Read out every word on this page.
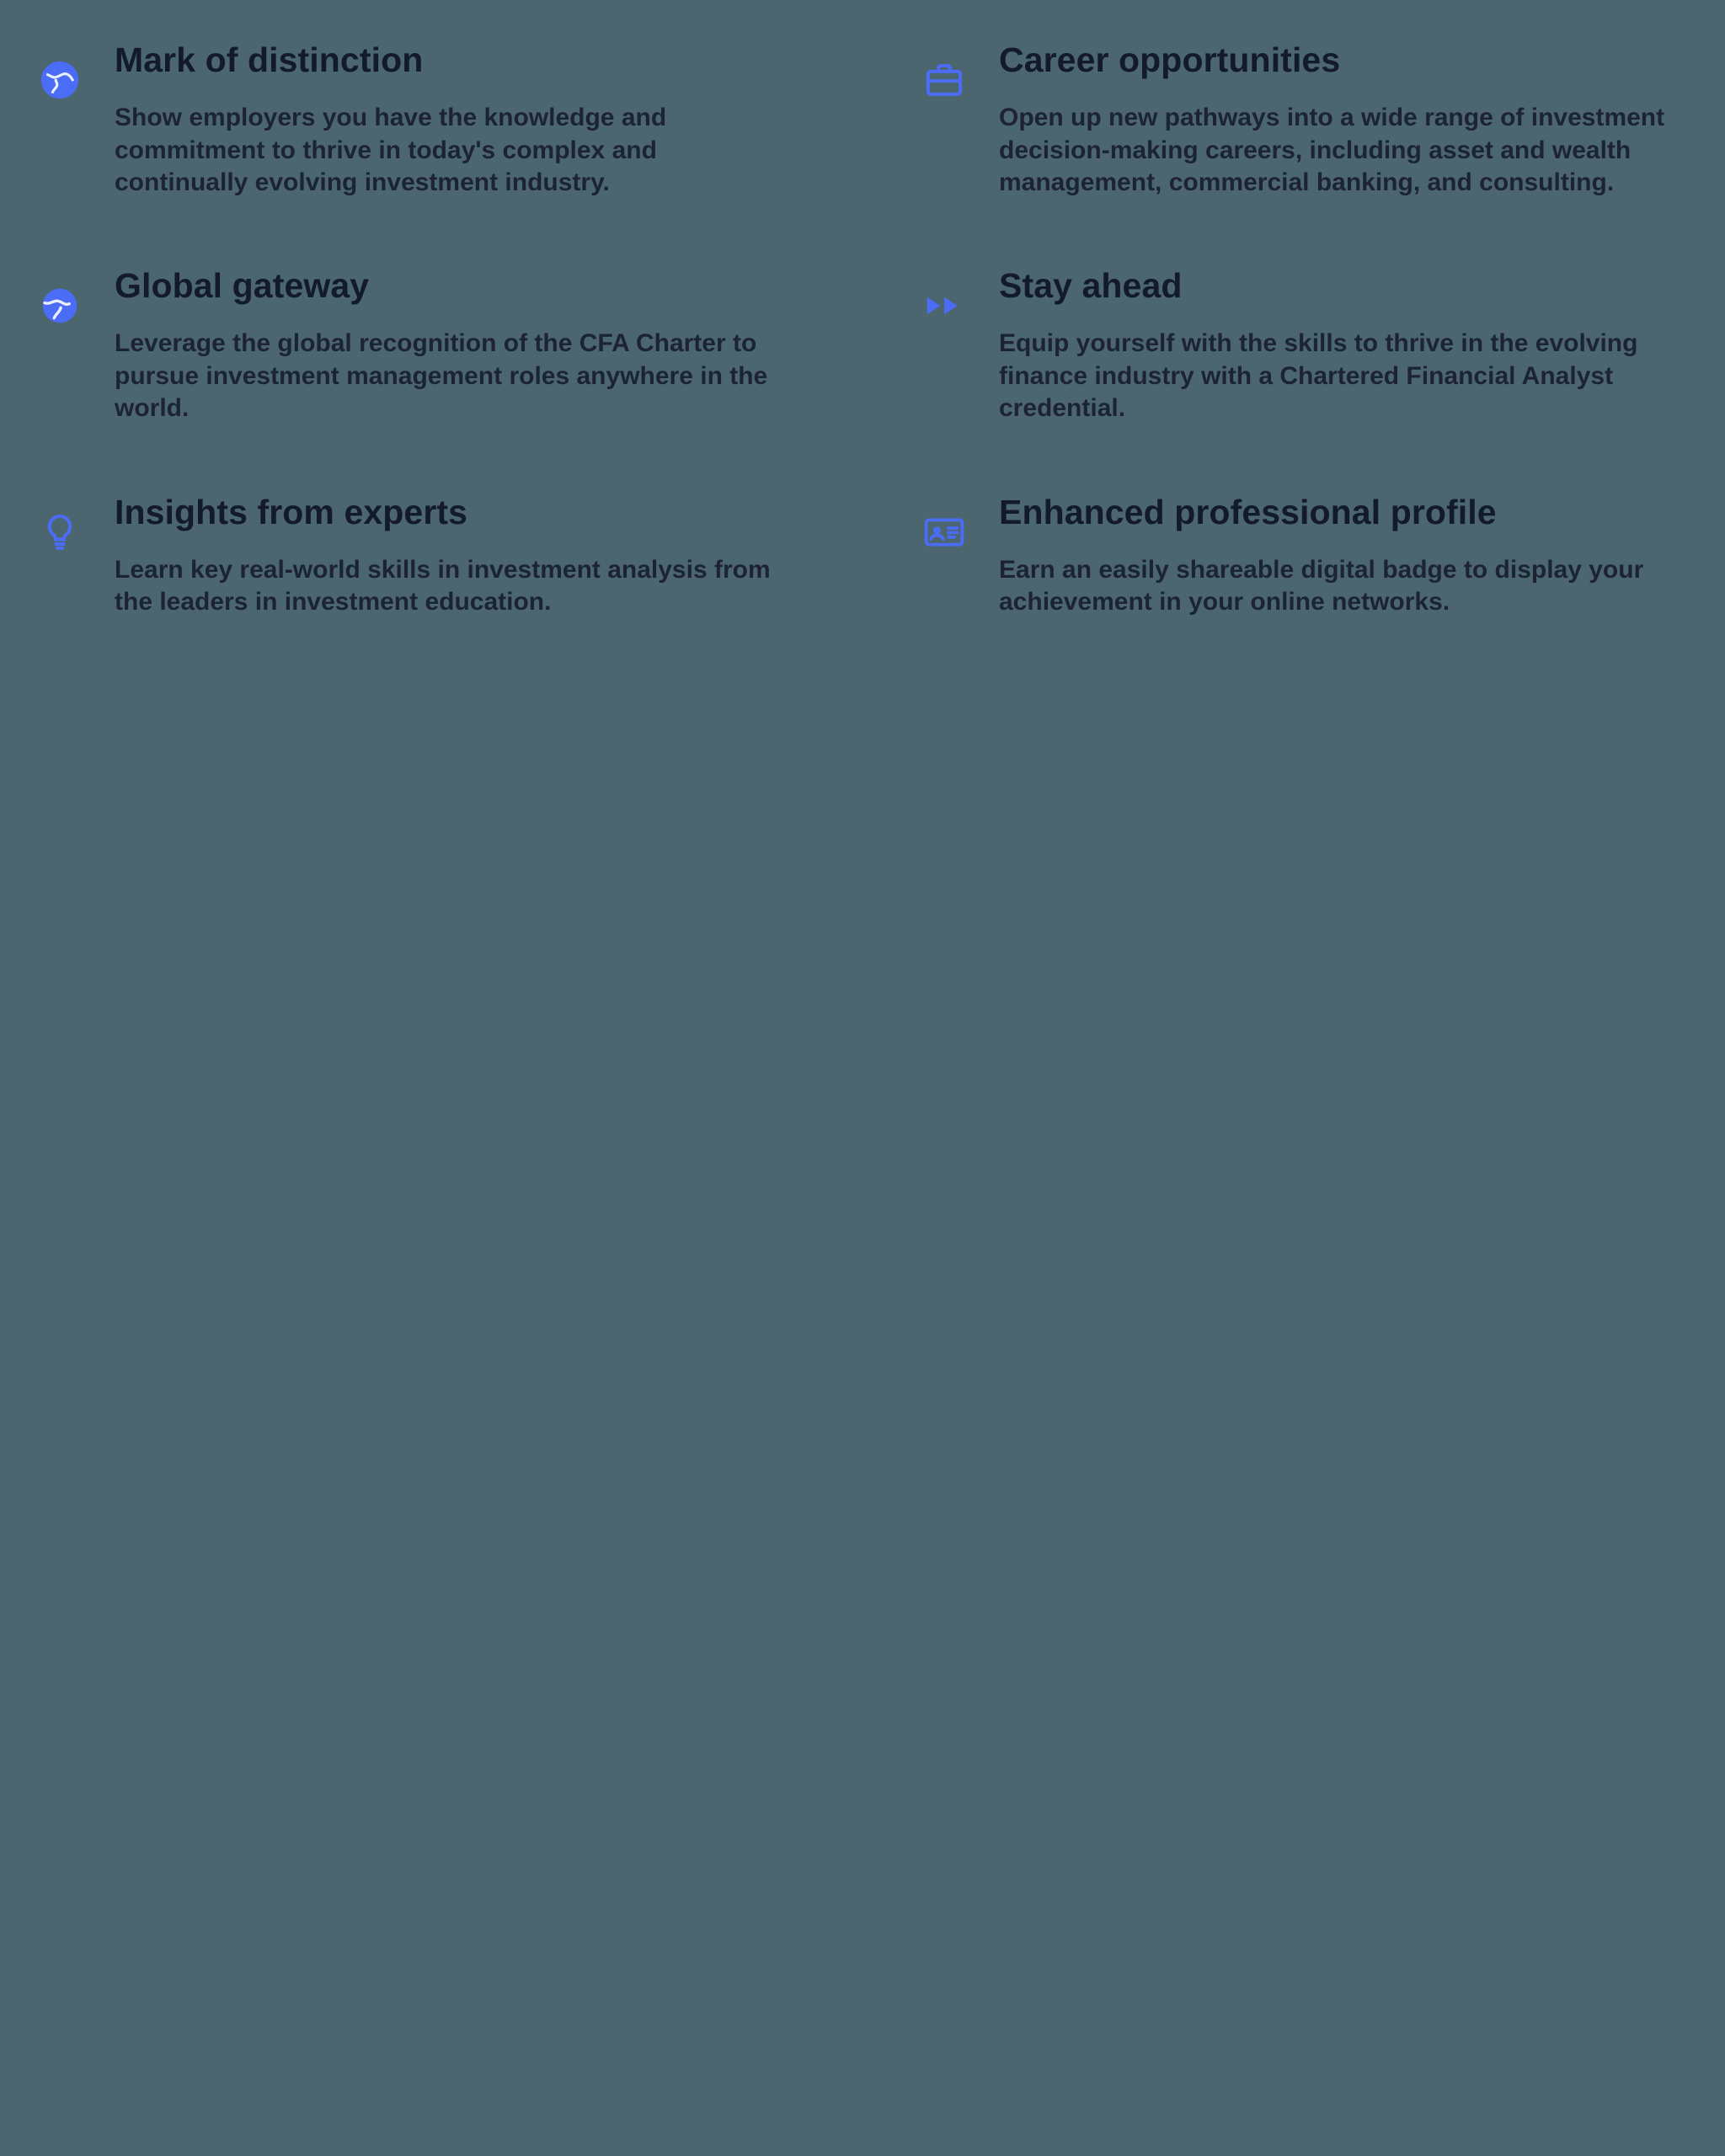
Mark of distinction

Show employers you have the knowledge and commitment to thrive in today's complex and continually evolving investment industry.

Career opportunities

Open up new pathways into a wide range of investment decision-making careers, including asset and wealth management, commercial banking, and consulting.

Global gateway

Leverage the global recognition of the CFA Charter to pursue investment management roles anywhere in the world.

Stay ahead

Equip yourself with the skills to thrive in the evolving finance industry with a Chartered Financial Analyst credential.

Insights from experts

Learn key real-world skills in investment analysis from the leaders in investment education.

Enhanced professional profile

Earn an easily shareable digital badge to display your achievement in your online networks.
